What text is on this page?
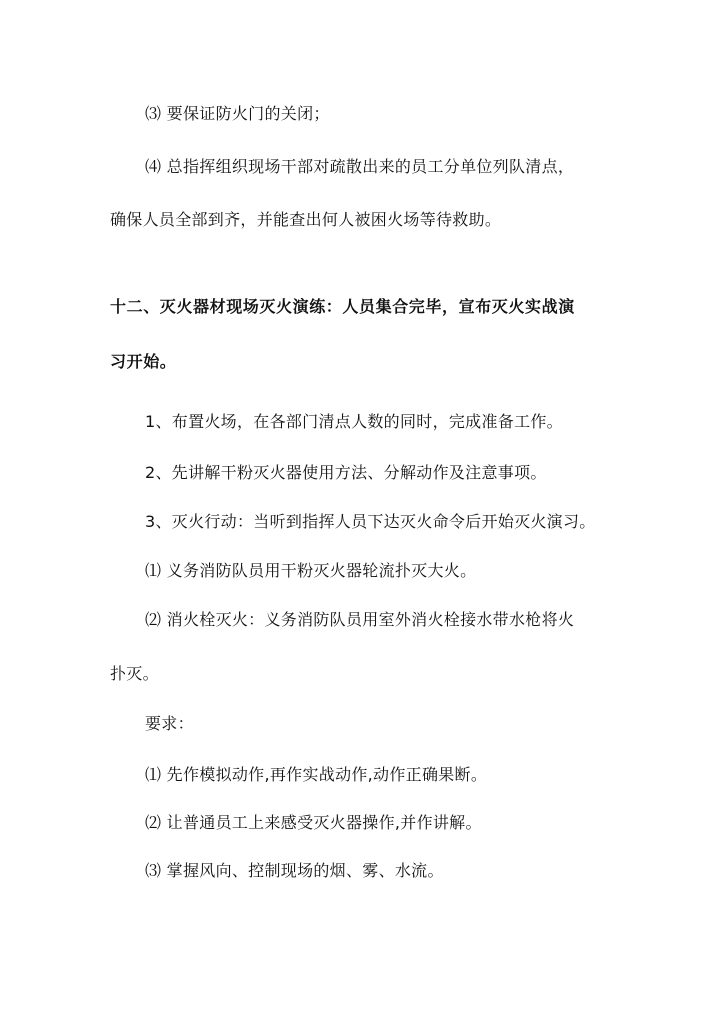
⑶ 要保证防火门的关闭；
⑷ 总指挥组织现场干部对疏散出来的员工分单位列队清点，
确保人员全部到齐，并能查出何人被困火场等待救助。
十二、灭火器材现场灭火演练：人员集合完毕，宣布灭火实战演
习开始。
1、布置火场，在各部门清点人数的同时，完成准备工作。
2、先讲解干粉灭火器使用方法、分解动作及注意事项。
3、灭火行动：当听到指挥人员下达灭火命令后开始灭火演习。
⑴ 义务消防队员用干粉灭火器轮流扑灭大火。
⑵ 消火栓灭火：义务消防队员用室外消火栓接水带水枪将火
扑灭。
要求：
⑴ 先作模拟动作,再作实战动作,动作正确果断。
⑵ 让普通员工上来感受灭火器操作,并作讲解。
⑶ 掌握风向、控制现场的烟、雾、水流。
